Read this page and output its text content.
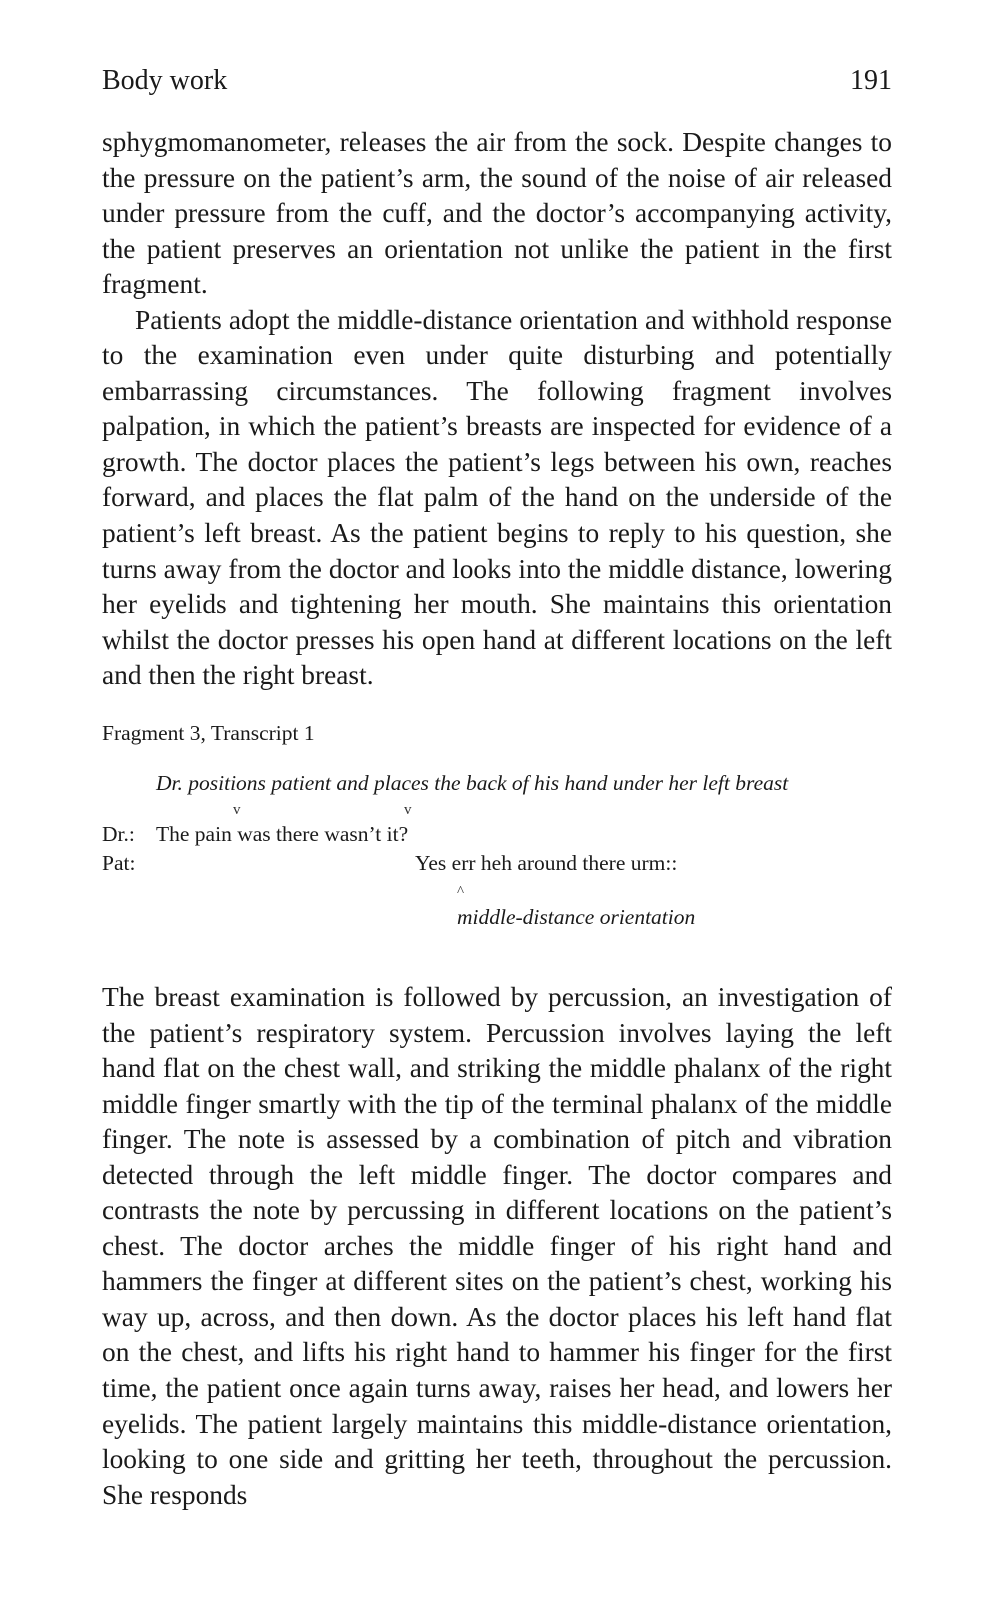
Body work	191

sphygmomanometer, releases the air from the sock. Despite changes to the pressure on the patient’s arm, the sound of the noise of air released under pressure from the cuff, and the doctor’s accompanying activity, the patient preserves an orientation not unlike the patient in the first fragment.

Patients adopt the middle-distance orientation and withhold response to the examination even under quite disturbing and potentially embarrassing circumstances. The following fragment involves palpation, in which the patient’s breasts are inspected for evidence of a growth. The doctor places the patient’s legs between his own, reaches forward, and places the flat palm of the hand on the underside of the patient’s left breast. As the patient begins to reply to his question, she turns away from the doctor and looks into the middle distance, lowering her eyelids and tightening her mouth. She maintains this orientation whilst the doctor presses his open hand at different locations on the left and then the right breast.

Fragment 3, Transcript 1
Dr. positions patient and places the back of his hand under her left breast
v	v
Dr.: The pain was there wasn’t it?
Pat:	Yes err heh around there urm::
^
middle-distance orientation

The breast examination is followed by percussion, an investigation of the patient’s respiratory system. Percussion involves laying the left hand flat on the chest wall, and striking the middle phalanx of the right middle finger smartly with the tip of the terminal phalanx of the middle finger. The note is assessed by a combination of pitch and vibration detected through the left middle finger. The doctor compares and contrasts the note by percussing in different locations on the patient’s chest. The doctor arches the middle finger of his right hand and hammers the finger at different sites on the patient’s chest, working his way up, across, and then down. As the doctor places his left hand flat on the chest, and lifts his right hand to hammer his finger for the first time, the patient once again turns away, raises her head, and lowers her eyelids. The patient largely maintains this middle-distance orientation, looking to one side and gritting her teeth, throughout the percussion. She responds
